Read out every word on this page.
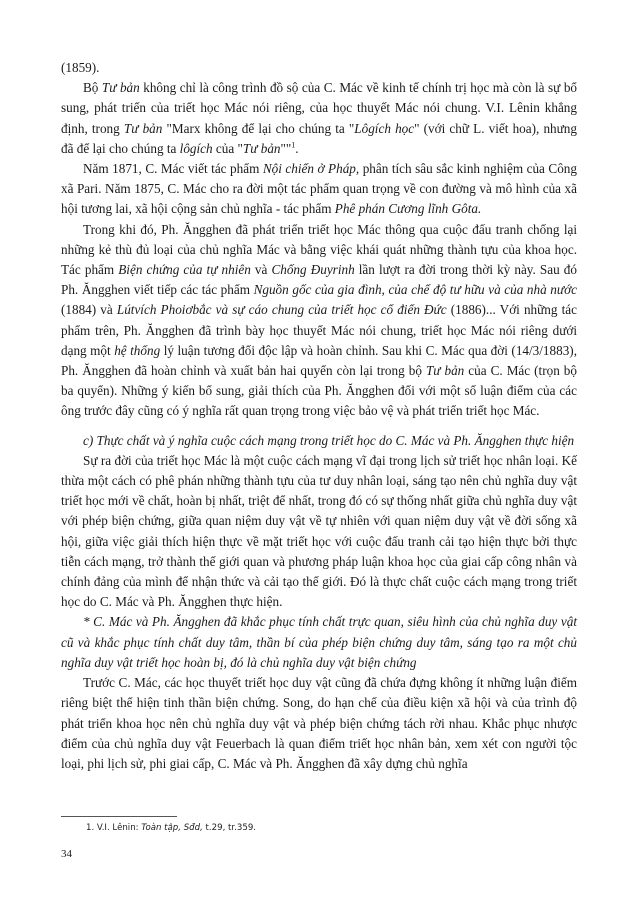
(1859).

Bộ Tư bản không chỉ là công trình đồ sộ của C. Mác về kinh tế chính trị học mà còn là sự bổ sung, phát triển của triết học Mác nói riêng, của học thuyết Mác nói chung. V.I. Lênin khẳng định, trong Tư bản "Marx không để lại cho chúng ta "Lôgích học" (với chữ L. viết hoa), nhưng đã để lại cho chúng ta lôgích của "Tư bản""$^1$.

Năm 1871, C. Mác viết tác phẩm Nội chiến ở Pháp, phân tích sâu sắc kinh nghiệm của Công xã Pari. Năm 1875, C. Mác cho ra đời một tác phẩm quan trọng về con đường và mô hình của xã hội tương lai, xã hội cộng sản chủ nghĩa - tác phẩm Phê phán Cương lĩnh Gôta.

Trong khi đó, Ph. Ăngghen đã phát triển triết học Mác thông qua cuộc đấu tranh chống lại những kẻ thù đủ loại của chủ nghĩa Mác và bằng việc khái quát những thành tựu của khoa học. Tác phẩm Biện chứng của tự nhiên và Chống Đuyrinh lần lượt ra đời trong thời kỳ này. Sau đó Ph. Ăngghen viết tiếp các tác phẩm Nguồn gốc của gia đình, của chế độ tư hữu và của nhà nước (1884) và Lútvích Phoiơbắc và sự cáo chung của triết học cổ điển Đức (1886)... Với những tác phẩm trên, Ph. Ăngghen đã trình bày học thuyết Mác nói chung, triết học Mác nói riêng dưới dạng một hệ thống lý luận tương đối độc lập và hoàn chỉnh. Sau khi C. Mác qua đời (14/3/1883), Ph. Ăngghen đã hoàn chỉnh và xuất bản hai quyển còn lại trong bộ Tư bản của C. Mác (trọn bộ ba quyển). Những ý kiến bổ sung, giải thích của Ph. Ăngghen đối với một số luận điểm của các ông trước đây cũng có ý nghĩa rất quan trọng trong việc bảo vệ và phát triển triết học Mác.

c) Thực chất và ý nghĩa cuộc cách mạng trong triết học do C. Mác và Ph. Ăngghen thực hiện

Sự ra đời của triết học Mác là một cuộc cách mạng vĩ đại trong lịch sử triết học nhân loại. Kế thừa một cách có phê phán những thành tựu của tư duy nhân loại, sáng tạo nên chủ nghĩa duy vật triết học mới về chất, hoàn bị nhất, triệt để nhất, trong đó có sự thống nhất giữa chủ nghĩa duy vật với phép biện chứng, giữa quan niệm duy vật về tự nhiên với quan niệm duy vật về đời sống xã hội, giữa việc giải thích hiện thực về mặt triết học với cuộc đấu tranh cải tạo hiện thực bởi thực tiễn cách mạng, trở thành thế giới quan và phương pháp luận khoa học của giai cấp công nhân và chính đảng của mình để nhận thức và cải tạo thế giới. Đó là thực chất cuộc cách mạng trong triết học do C. Mác và Ph. Ăngghen thực hiện.

* C. Mác và Ph. Ăngghen đã khắc phục tính chất trực quan, siêu hình của chủ nghĩa duy vật cũ và khắc phục tính chất duy tâm, thần bí của phép biện chứng duy tâm, sáng tạo ra một chủ nghĩa duy vật triết học hoàn bị, đó là chủ nghĩa duy vật biện chứng

Trước C. Mác, các học thuyết triết học duy vật cũng đã chứa đựng không ít những luận điểm riêng biệt thể hiện tinh thần biện chứng. Song, do hạn chế của điều kiện xã hội và của trình độ phát triển khoa học nên chủ nghĩa duy vật và phép biện chứng tách rời nhau. Khắc phục nhược điểm của chủ nghĩa duy vật Feuerbach là quan điểm triết học nhân bản, xem xét con người tộc loại, phi lịch sử, phi giai cấp, C. Mác và Ph. Ăngghen đã xây dựng chủ nghĩa

1. V.I. Lênin: Toàn tập, Sđd, t.29, tr.359.
34
